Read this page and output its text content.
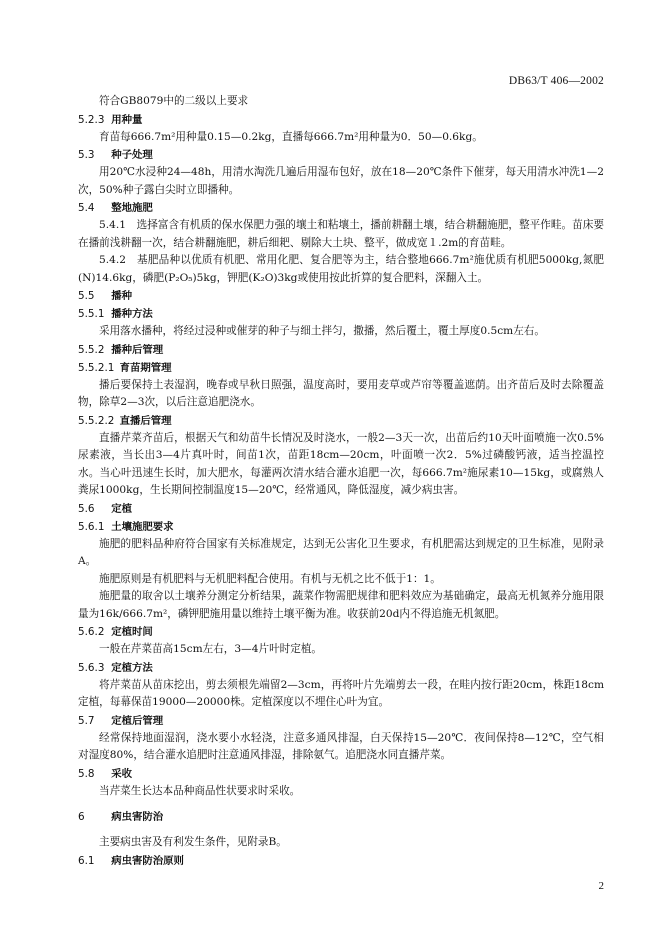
DB63/T 406—2002

符合GB8079中的二级以上要求

5.2.3  用种量

育苗每666.7m²用种量0.15—0.2kg，直播每666.7m²用种量为0．50—0.6kg。

5.3  种子处理

用20℃水浸种24—48h，用清水淘洗几遍后用湿布包好，放在18—20℃条件下催芽，每天用清水冲洗1—2次，50%种子露白尖时立即播种。

5.4  整地施肥

5.4.1　选择富含有机质的保水保肥力强的壤土和粘壤土，播前耕翻土壤，结合耕翻施肥，整平作畦。苗床要在播前浅耕翻一次，结合耕翻施肥，耕后细耙、剔除大土块、整平，做成宽１.2m的育苗畦。

5.4.2　基肥品种以优质有机肥、常用化肥、复合肥等为主，结合整地666.7m²施优质有机肥5000kg,氮肥(N)14.6kg，磷肥(P₂O₅)5kg，钾肥(K₂O)3kg或使用按此折算的复合肥料，深翻入土。

5.5  播种
5.5.1  播种方法

采用落水播种，将经过浸种或催芽的种子与细土拌匀，撒播，然后覆土，覆土厚度0.5cm左右。

5.5.2  播种后管理
5.5.2.1  育苗期管理

播后要保持土表湿润，晚春或早秋日照强，温度高时，要用麦草或芦帘等覆盖遮荫。出齐苗后及时去除覆盖物，除草2—3次，以后注意追肥浇水。

5.5.2.2  直播后管理

直播芹菜齐苗后，根据天气和幼苗牛长情况及时浇水，一般2—3天一次，出苗后约10天叶面喷施一次0.5%尿素液，当长出3—4片真叶时，间苗1次，苗距18cm—20cm，叶面喷一次2．5%过磷酸钙液，适当控温控水。当心叶迅速生长时，加大肥水，每灌两次清水结合灌水追肥一次，每666.7m²施尿素10—15kg，或腐熟人粪尿1000kg，生长期间控制温度15—20℃，经常通风，降低湿度，减少病虫害。

5.6  定植
5.6.1  土壤施肥要求

施肥的肥料品种府符合国家有关标准规定，达到无公害化卫生要求，有机肥需达到规定的卫生标准，见附录A。

施肥原则是有机肥料与无机肥料配合使用。有机与无机之比不低于1：1。

施肥量的取舍以土壤养分测定分析结果，蔬菜作物需肥规律和肥料效应为基础确定，最高无机氮养分施用限量为16k/666.7m²，磷钾肥施用量以维持土壤平衡为准。收获前20d内不得追施无机氮肥。

5.6.2  定植时间

一般在芹菜苗高15cm左右，3—4片叶时定植。

5.6.3  定植方法

将芹菜苗从苗床挖出，剪去须根先端留2—3cm，再将叶片先端剪去一段，在畦内按行距20cm，株距18cm定植，每幕保苗19000—20000株。定植深度以不埋住心叶为宜。

5.7  定植后管理

经常保持地面湿润，浇水要小水轻浇，注意多通风排湿，白天保持15—20℃．夜间保持8—12℃，空气相对湿度80%，结合灌水追肥时注意通风排湿，排除氨气。追肥浇水同直播芹菜。

5.8  采收

当芹菜生长达本品种商品性状要求时采收。

6 	病虫害防治

主要病虫害及有利发生条件，见附录B。

6.1  病虫害防治原则
2
